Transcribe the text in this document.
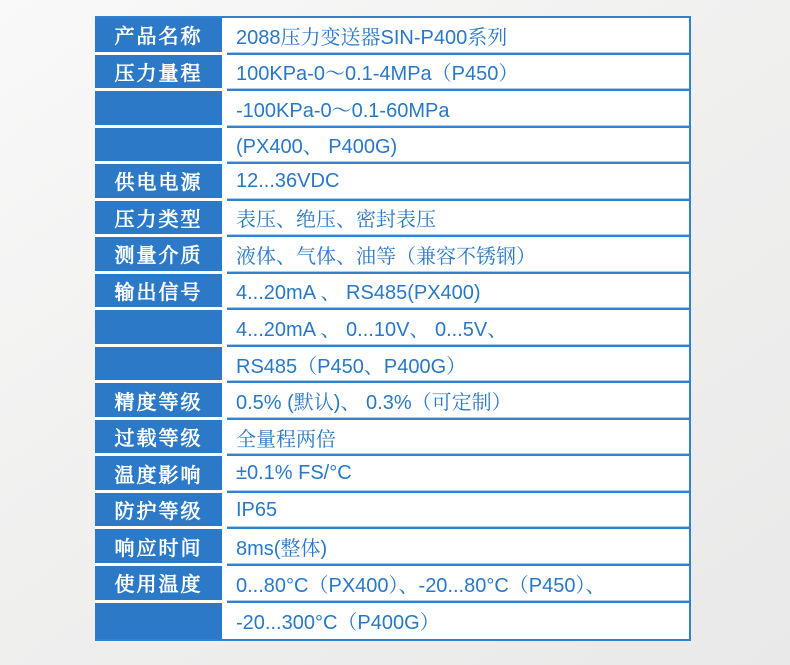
产品名称	2088压力变送器SIN-P400系列
压力量程	100KPa-0～0.1-4MPa（P450）
-100KPa-0～0.1-60MPa
(PX400、 P400G)
供电电源	12...36VDC
压力类型	表压、绝压、密封表压
测量介质	液体、气体、油等（兼容不锈钢）
输出信号	4...20mA 、 RS485(PX400)
4...20mA 、 0...10V、 0...5V、
RS485（P450、P400G）
精度等级	0.5% (默认)、 0.3%（可定制）
过载等级	全量程两倍
温度影响	±0.1% FS/°C
防护等级	IP65
响应时间	8ms(整体)
使用温度	0...80°C（PX400）、-20...80°C（P450）、
-20...300°C（P400G）
